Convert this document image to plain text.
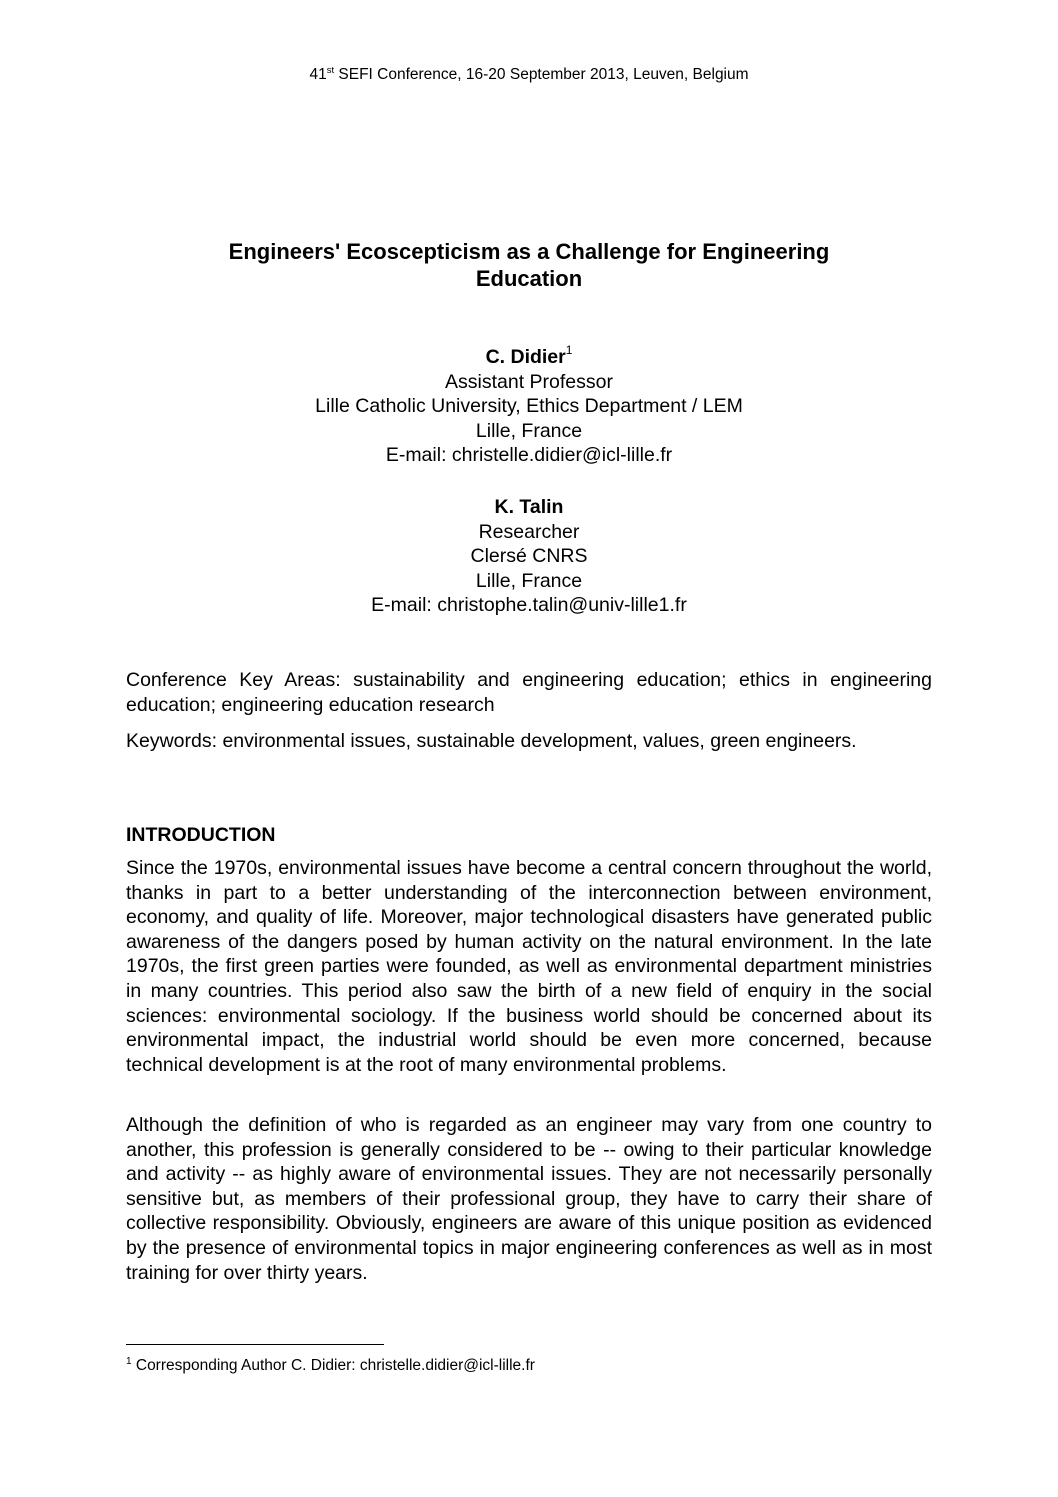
41st SEFI Conference, 16-20 September 2013, Leuven, Belgium
Engineers' Ecoscepticism as a Challenge for Engineering
Education
C. Didier$^1$
Assistant Professor
Lille Catholic University, Ethics Department / LEM
Lille, France
E-mail: christelle.didier@icl-lille.fr
K. Talin
Researcher
Clersé CNRS
Lille, France
E-mail: christophe.talin@univ-lille1.fr

Conference Key Areas: sustainability and engineering education; ethics in engineering education; engineering education research

Keywords: environmental issues, sustainable development, values, green engineers.

INTRODUCTION

Since the 1970s, environmental issues have become a central concern throughout the world, thanks in part to a better understanding of the interconnection between environment, economy, and quality of life. Moreover, major technological disasters have generated public awareness of the dangers posed by human activity on the natural environment. In the late 1970s, the first green parties were founded, as well as environmental department ministries in many countries. This period also saw the birth of a new field of enquiry in the social sciences: environmental sociology. If the business world should be concerned about its environmental impact, the industrial world should be even more concerned, because technical development is at the root of many environmental problems.

Although the definition of who is regarded as an engineer may vary from one country to another, this profession is generally considered to be -- owing to their particular knowledge and activity -- as highly aware of environmental issues. They are not necessarily personally sensitive but, as members of their professional group, they have to carry their share of collective responsibility. Obviously, engineers are aware of this unique position as evidenced by the presence of environmental topics in major engineering conferences as well as in most training for over thirty years.

$^1$ Corresponding Author C. Didier: christelle.didier@icl-lille.fr
